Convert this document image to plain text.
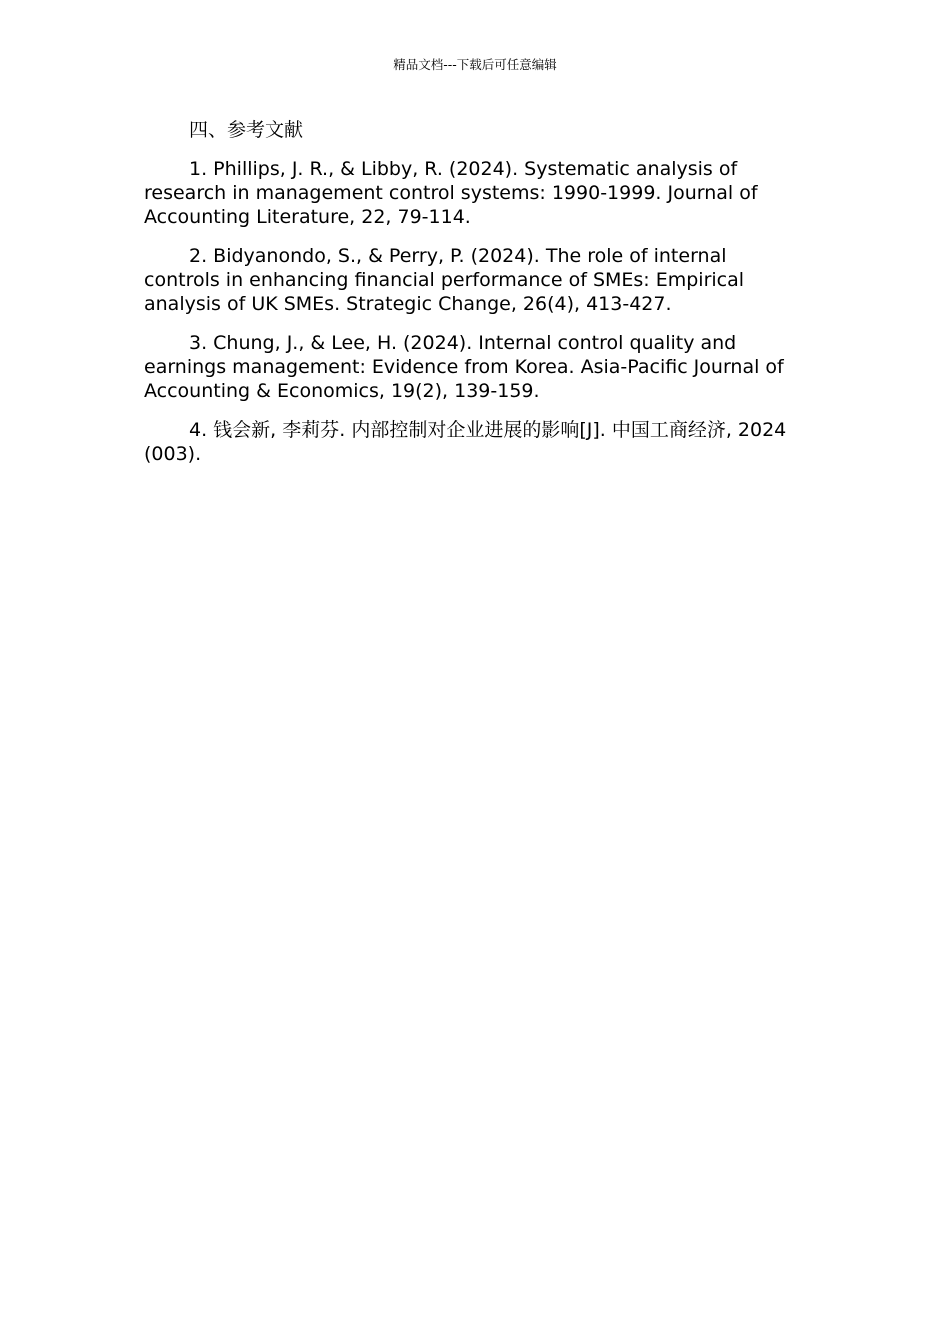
精品文档---下载后可任意编辑
四、参考文献

1. Phillips, J. R., & Libby, R. (2024). Systematic analysis of research in management control systems: 1990-1999. Journal of Accounting Literature, 22, 79-114.

2. Bidyanondo, S., & Perry, P. (2024). The role of internal controls in enhancing financial performance of SMEs: Empirical analysis of UK SMEs. Strategic Change, 26(4), 413-427.

3. Chung, J., & Lee, H. (2024). Internal control quality and earnings management: Evidence from Korea. Asia-Pacific Journal of Accounting & Economics, 19(2), 139-159.

4. 钱会新, 李莉芬. 内部控制对企业进展的影响[J]. 中国工商经济, 2024 (003).
